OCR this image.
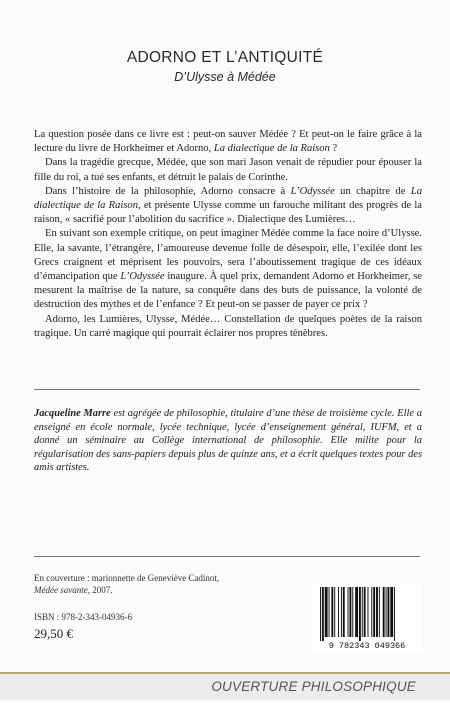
ADORNO ET L’ANTIQUITÉ
D’Ulysse à Médée

La question posée dans ce livre est : peut-on sauver Médée ? Et peut-on le faire grâce à la lecture du livre de Horkheimer et Adorno, La dialectique de la Raison ?

Dans la tragédie grecque, Médée, que son mari Jason venait de répudier pour épouser la fille du roi, a tué ses enfants, et détruit le palais de Corinthe.

Dans l’histoire de la philosophie, Adorno consacre à L’Odyssée un chapitre de La dialectique de la Raison, et présente Ulysse comme un farouche militant des progrès de la raison, « sacrifié pour l’abolition du sacrifice ». Dialectique des Lumières…

En suivant son exemple critique, on peut imaginer Médée comme la face noire d’Ulysse. Elle, la savante, l’étrangère, l’amoureuse devenue folle de désespoir, elle, l’exilée dont les Grecs craignent et méprisent les pouvoirs, sera l’aboutissement tragique de ces idéaux d’émancipation que L’Odyssée inaugure. À quel prix, demandent Adorno et Horkheimer, se mesurent la maîtrise de la nature, sa conquête dans des buts de puissance, la volonté de destruction des mythes et de l’enfance ? Et peut-on se passer de payer ce prix ?

Adorno, les Lumières, Ulysse, Médée… Constellation de quelques poètes de la raison tragique. Un carré magique qui pourrait éclairer nos propres ténèbres.

Jacqueline Marre est agrégée de philosophie, titulaire d’une thèse de troisième cycle. Elle a enseigné en école normale, lycée technique, lycée d’enseignement général, IUFM, et a donné un séminaire au Collège international de philosophie. Elle milite pour la régularisation des sans-papiers depuis plus de quinze ans, et a écrit quelques textes pour des amis artistes.
En couverture : marionnette de Geneviève Cadinot,
Médée savante, 2007.
ISBN : 978-2-343-04936-6
29,50 €
9 782343 049366
OUVERTURE PHILOSOPHIQUE
